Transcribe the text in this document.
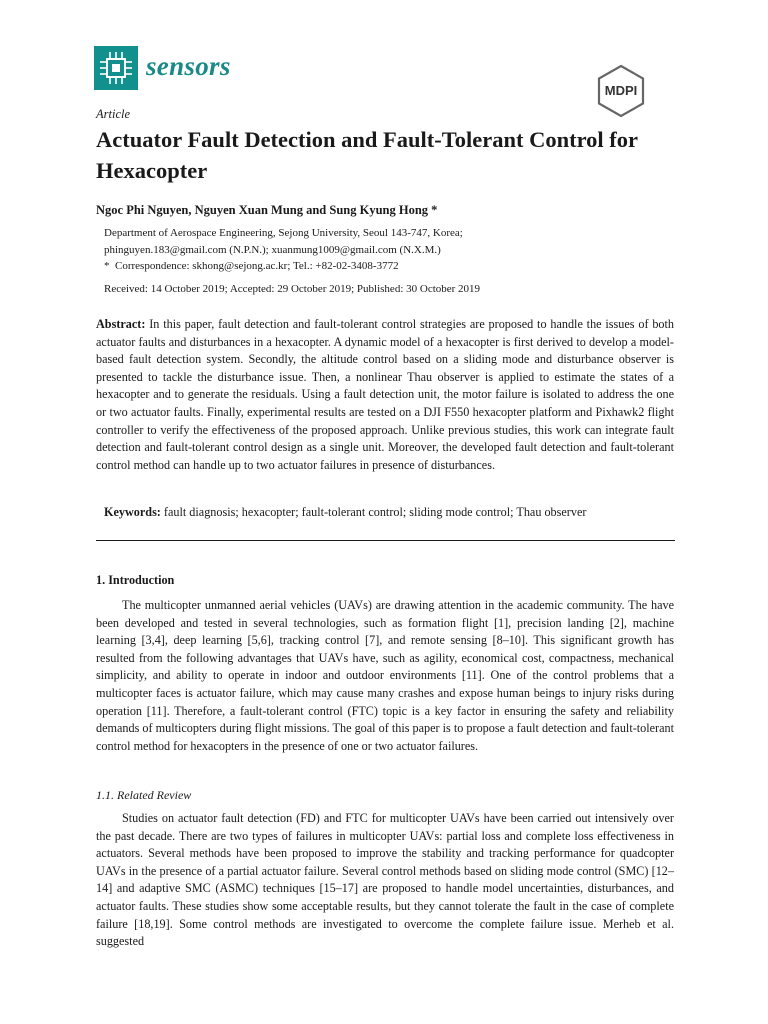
sensors
MDPI
Article
Actuator Fault Detection and Fault-Tolerant Control for Hexacopter
Ngoc Phi Nguyen, Nguyen Xuan Mung and Sung Kyung Hong *
Department of Aerospace Engineering, Sejong University, Seoul 143-747, Korea;
phinguyen.183@gmail.com (N.P.N.); xuanmung1009@gmail.com (N.X.M.)
* Correspondence: skhong@sejong.ac.kr; Tel.: +82-02-3408-3772
Received: 14 October 2019; Accepted: 29 October 2019; Published: 30 October 2019

Abstract: In this paper, fault detection and fault-tolerant control strategies are proposed to handle the issues of both actuator faults and disturbances in a hexacopter. A dynamic model of a hexacopter is first derived to develop a model-based fault detection system. Secondly, the altitude control based on a sliding mode and disturbance observer is presented to tackle the disturbance issue. Then, a nonlinear Thau observer is applied to estimate the states of a hexacopter and to generate the residuals. Using a fault detection unit, the motor failure is isolated to address the one or two actuator faults. Finally, experimental results are tested on a DJI F550 hexacopter platform and Pixhawk2 flight controller to verify the effectiveness of the proposed approach. Unlike previous studies, this work can integrate fault detection and fault-tolerant control design as a single unit. Moreover, the developed fault detection and fault-tolerant control method can handle up to two actuator failures in presence of disturbances.

Keywords: fault diagnosis; hexacopter; fault-tolerant control; sliding mode control; Thau observer
1. Introduction

The multicopter unmanned aerial vehicles (UAVs) are drawing attention in the academic community. The have been developed and tested in several technologies, such as formation flight [1], precision landing [2], machine learning [3,4], deep learning [5,6], tracking control [7], and remote sensing [8–10]. This significant growth has resulted from the following advantages that UAVs have, such as agility, economical cost, compactness, mechanical simplicity, and ability to operate in indoor and outdoor environments [11]. One of the control problems that a multicopter faces is actuator failure, which may cause many crashes and expose human beings to injury risks during operation [11]. Therefore, a fault-tolerant control (FTC) topic is a key factor in ensuring the safety and reliability demands of multicopters during flight missions. The goal of this paper is to propose a fault detection and fault-tolerant control method for hexacopters in the presence of one or two actuator failures.

1.1. Related Review

Studies on actuator fault detection (FD) and FTC for multicopter UAVs have been carried out intensively over the past decade. There are two types of failures in multicopter UAVs: partial loss and complete loss effectiveness in actuators. Several methods have been proposed to improve the stability and tracking performance for quadcopter UAVs in the presence of a partial actuator failure. Several control methods based on sliding mode control (SMC) [12–14] and adaptive SMC (ASMC) techniques [15–17] are proposed to handle model uncertainties, disturbances, and actuator faults. These studies show some acceptable results, but they cannot tolerate the fault in the case of complete failure [18,19]. Some control methods are investigated to overcome the complete failure issue. Merheb et al. suggested
